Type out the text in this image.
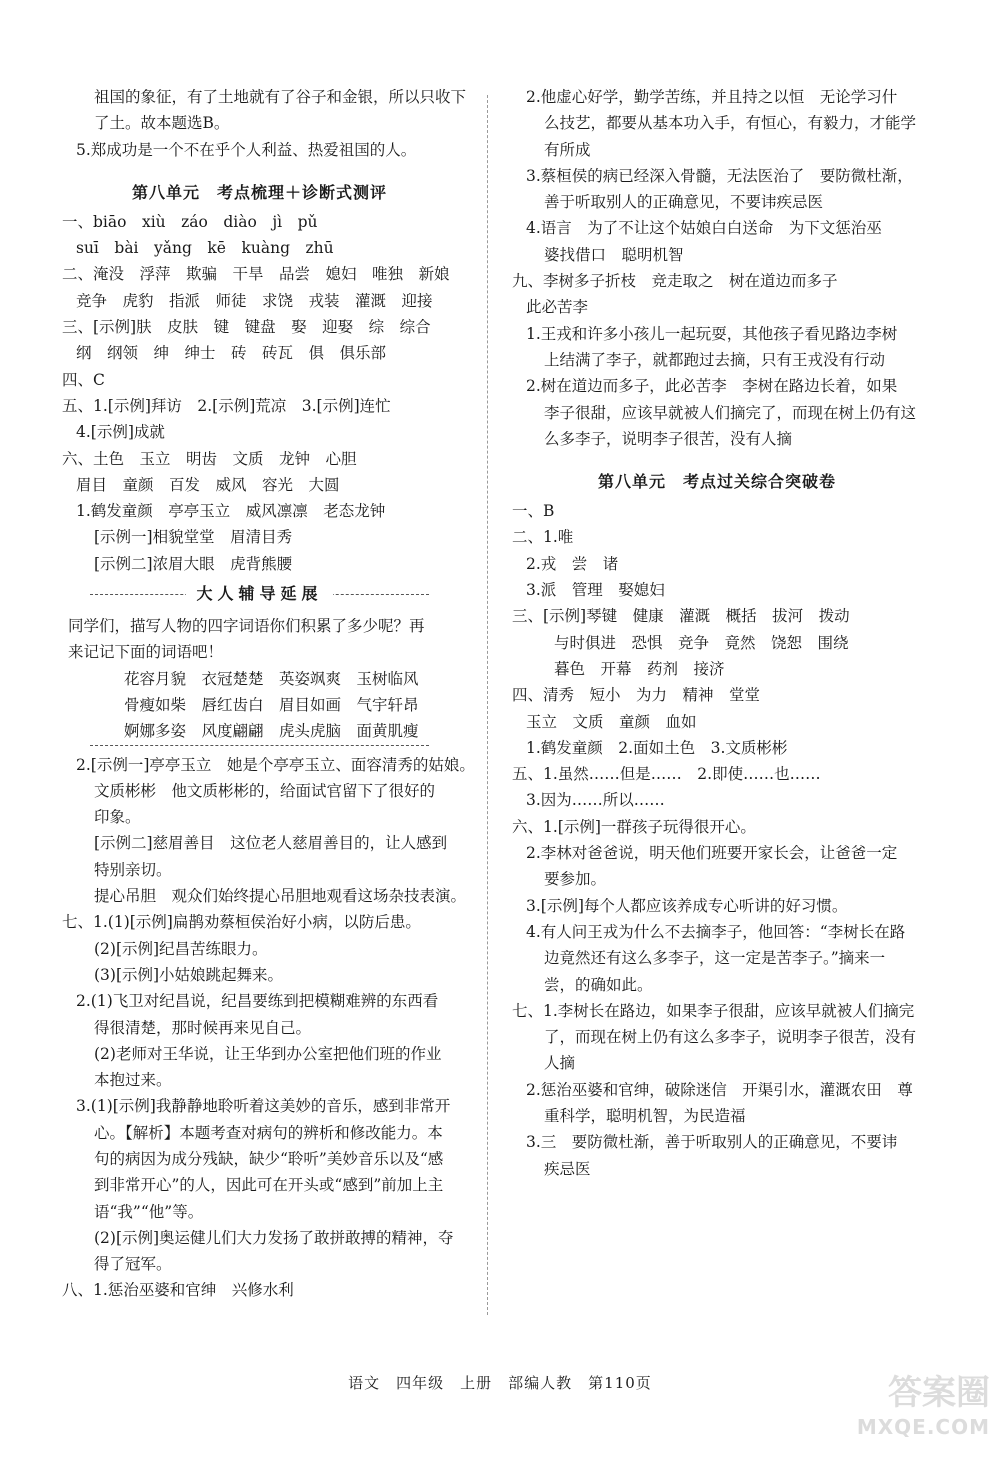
祖国的象征，有了土地就有了谷子和金银，所以只收下
了土。故本题选B。
5.郑成功是一个不在乎个人利益、热爱祖国的人。
第八单元　考点梳理＋诊断式测评
一、biāo　xiù　záo　diào　jì　pǔ
suī　bài　yǎng　kē　kuàng　zhū
二、淹没　浮萍　欺骗　干旱　品尝　媳妇　唯独　新娘
竞争　虎豹　指派　师徒　求饶　戎装　灌溉　迎接
三、[示例]肤　皮肤　键　键盘　娶　迎娶　综　综合
纲　纲领　绅　绅士　砖　砖瓦　俱　俱乐部
四、C
五、1.[示例]拜访　2.[示例]荒凉　3.[示例]连忙
4.[示例]成就
六、土色　玉立　明齿　文质　龙钟　心胆
眉目　童颜　百发　威风　容光　大圆
1.鹤发童颜　亭亭玉立　威风凛凛　老态龙钟
[示例一]相貌堂堂　眉清目秀
[示例二]浓眉大眼　虎背熊腰
大人辅导延展
同学们，描写人物的四字词语你们积累了多少呢？再
来记记下面的词语吧！
花容月貌　衣冠楚楚　英姿飒爽　玉树临风
骨瘦如柴　唇红齿白　眉目如画　气宇轩昂
婀娜多姿　风度翩翩　虎头虎脑　面黄肌瘦
2.[示例一]亭亭玉立　她是个亭亭玉立、面容清秀的姑娘。
文质彬彬　他文质彬彬的，给面试官留下了很好的
印象。
[示例二]慈眉善目　这位老人慈眉善目的，让人感到
特别亲切。
提心吊胆　观众们始终提心吊胆地观看这场杂技表演。
七、1.(1)[示例]扁鹊劝蔡桓侯治好小病，以防后患。
(2)[示例]纪昌苦练眼力。
(3)[示例]小姑娘跳起舞来。
2.(1)飞卫对纪昌说，纪昌要练到把模糊难辨的东西看
得很清楚，那时候再来见自己。
(2)老师对王华说，让王华到办公室把他们班的作业
本抱过来。
3.(1)[示例]我静静地聆听着这美妙的音乐，感到非常开
心。【解析】本题考查对病句的辨析和修改能力。本
句的病因为成分残缺，缺少“聆听”美妙音乐以及“感
到非常开心”的人，因此可在开头或“感到”前加上主
语“我”“他”等。
(2)[示例]奥运健儿们大力发扬了敢拼敢搏的精神，夺
得了冠军。
八、1.惩治巫婆和官绅　兴修水利
2.他虚心好学，勤学苦练，并且持之以恒　无论学习什
么技艺，都要从基本功入手，有恒心，有毅力，才能学
有所成
3.蔡桓侯的病已经深入骨髓，无法医治了　要防微杜渐，
善于听取别人的正确意见，不要讳疾忌医
4.语言　为了不让这个姑娘白白送命　为下文惩治巫
婆找借口　聪明机智
九、李树多子折枝　竞走取之　树在道边而多子
此必苦李
1.王戎和许多小孩儿一起玩耍，其他孩子看见路边李树
上结满了李子，就都跑过去摘，只有王戎没有行动
2.树在道边而多子，此必苦李　李树在路边长着，如果
李子很甜，应该早就被人们摘完了，而现在树上仍有这
么多李子，说明李子很苦，没有人摘
第八单元　考点过关综合突破卷
一、B
二、1.唯
2.戎　尝　诸
3.派　管理　娶媳妇
三、[示例]琴键　健康　灌溉　概括　拔河　拨动
与时俱进　恐惧　竞争　竟然　饶恕　围绕
暮色　开幕　药剂　接济
四、清秀　短小　为力　精神　堂堂
玉立　文质　童颜　血如
1.鹤发童颜　2.面如土色　3.文质彬彬
五、1.虽然……但是……　2.即使……也……
3.因为……所以……
六、1.[示例]一群孩子玩得很开心。
2.李林对爸爸说，明天他们班要开家长会，让爸爸一定
要参加。
3.[示例]每个人都应该养成专心听讲的好习惯。
4.有人问王戎为什么不去摘李子，他回答：“李树长在路
边竟然还有这么多李子，这一定是苦李子。”摘来一
尝，的确如此。
七、1.李树长在路边，如果李子很甜，应该早就被人们摘完
了，而现在树上仍有这么多李子，说明李子很苦，没有
人摘
2.惩治巫婆和官绅，破除迷信　开渠引水，灌溉农田　尊
重科学，聪明机智，为民造福
3.三　要防微杜渐，善于听取别人的正确意见，不要讳
疾忌医
语文　四年级　上册　部编人教　第110页	答案圈
MXQE.COM
